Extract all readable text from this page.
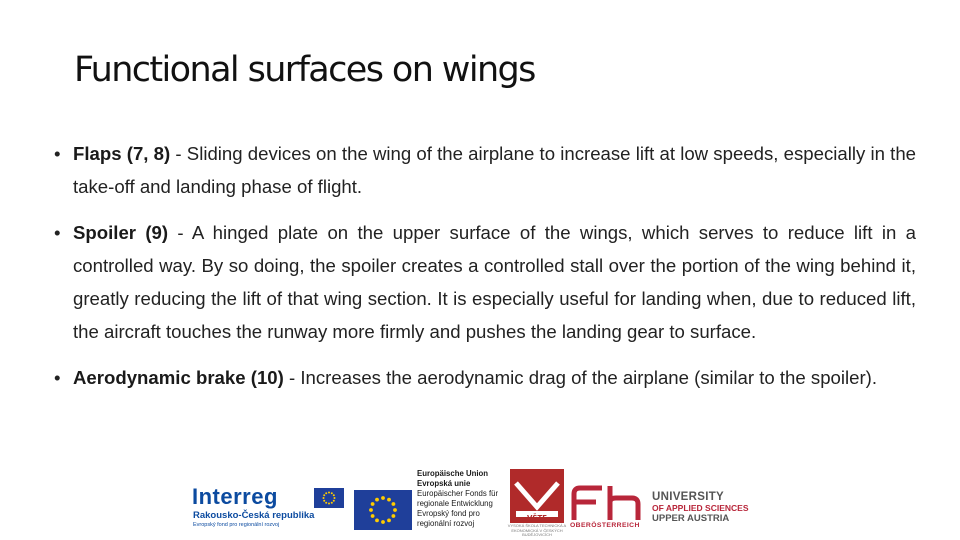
Functional surfaces on wings
• Flaps (7, 8) - Sliding devices on the wing of the airplane to increase lift at low speeds, especially in the take-off and landing phase of flight.
• Spoiler (9) - A hinged plate on the upper surface of the wings, which serves to reduce lift in a controlled way. By so doing, the spoiler creates a controlled stall over the portion of the wing behind it, greatly reducing the lift of that wing section. It is especially useful for landing when, due to reduced lift, the aircraft touches the runway more firmly and pushes the landing gear to surface.
• Aerodynamic brake (10) - Increases the aerodynamic drag of the airplane (similar to the spoiler).
Interreg
Rakousko-Česká republika
Evropský fond pro regionální rozvoj
Europäische Union
Evropská unie
Europäischer Fonds für
regionale Entwicklung
Evropský fond pro
regionální rozvoj
VŠTE
VYSOKÁ ŠKOLA TECHNICKÁ A EKONOMICKÁ V ČESKÝCH BUDĚJOVICÍCH
OBERÖSTERREICH
UNIVERSITY
OF APPLIED SCIENCES
UPPER AUSTRIA
